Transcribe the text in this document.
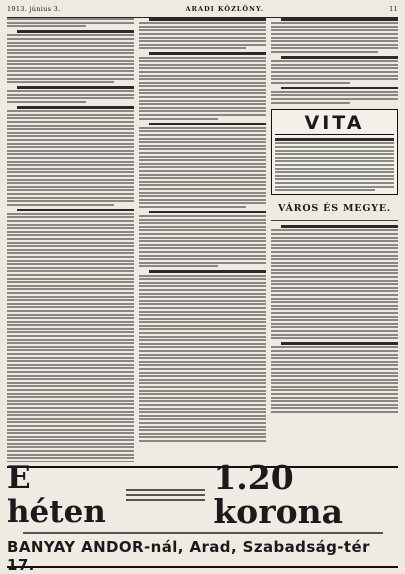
1913. június 3.	ARADI KÖZLÖNY.	11
VITA
VÁROS ÉS MEGYE.
E héten
1.20 korona
BANYAY ANDOR-nál, Arad, Szabadság-tér 17.
